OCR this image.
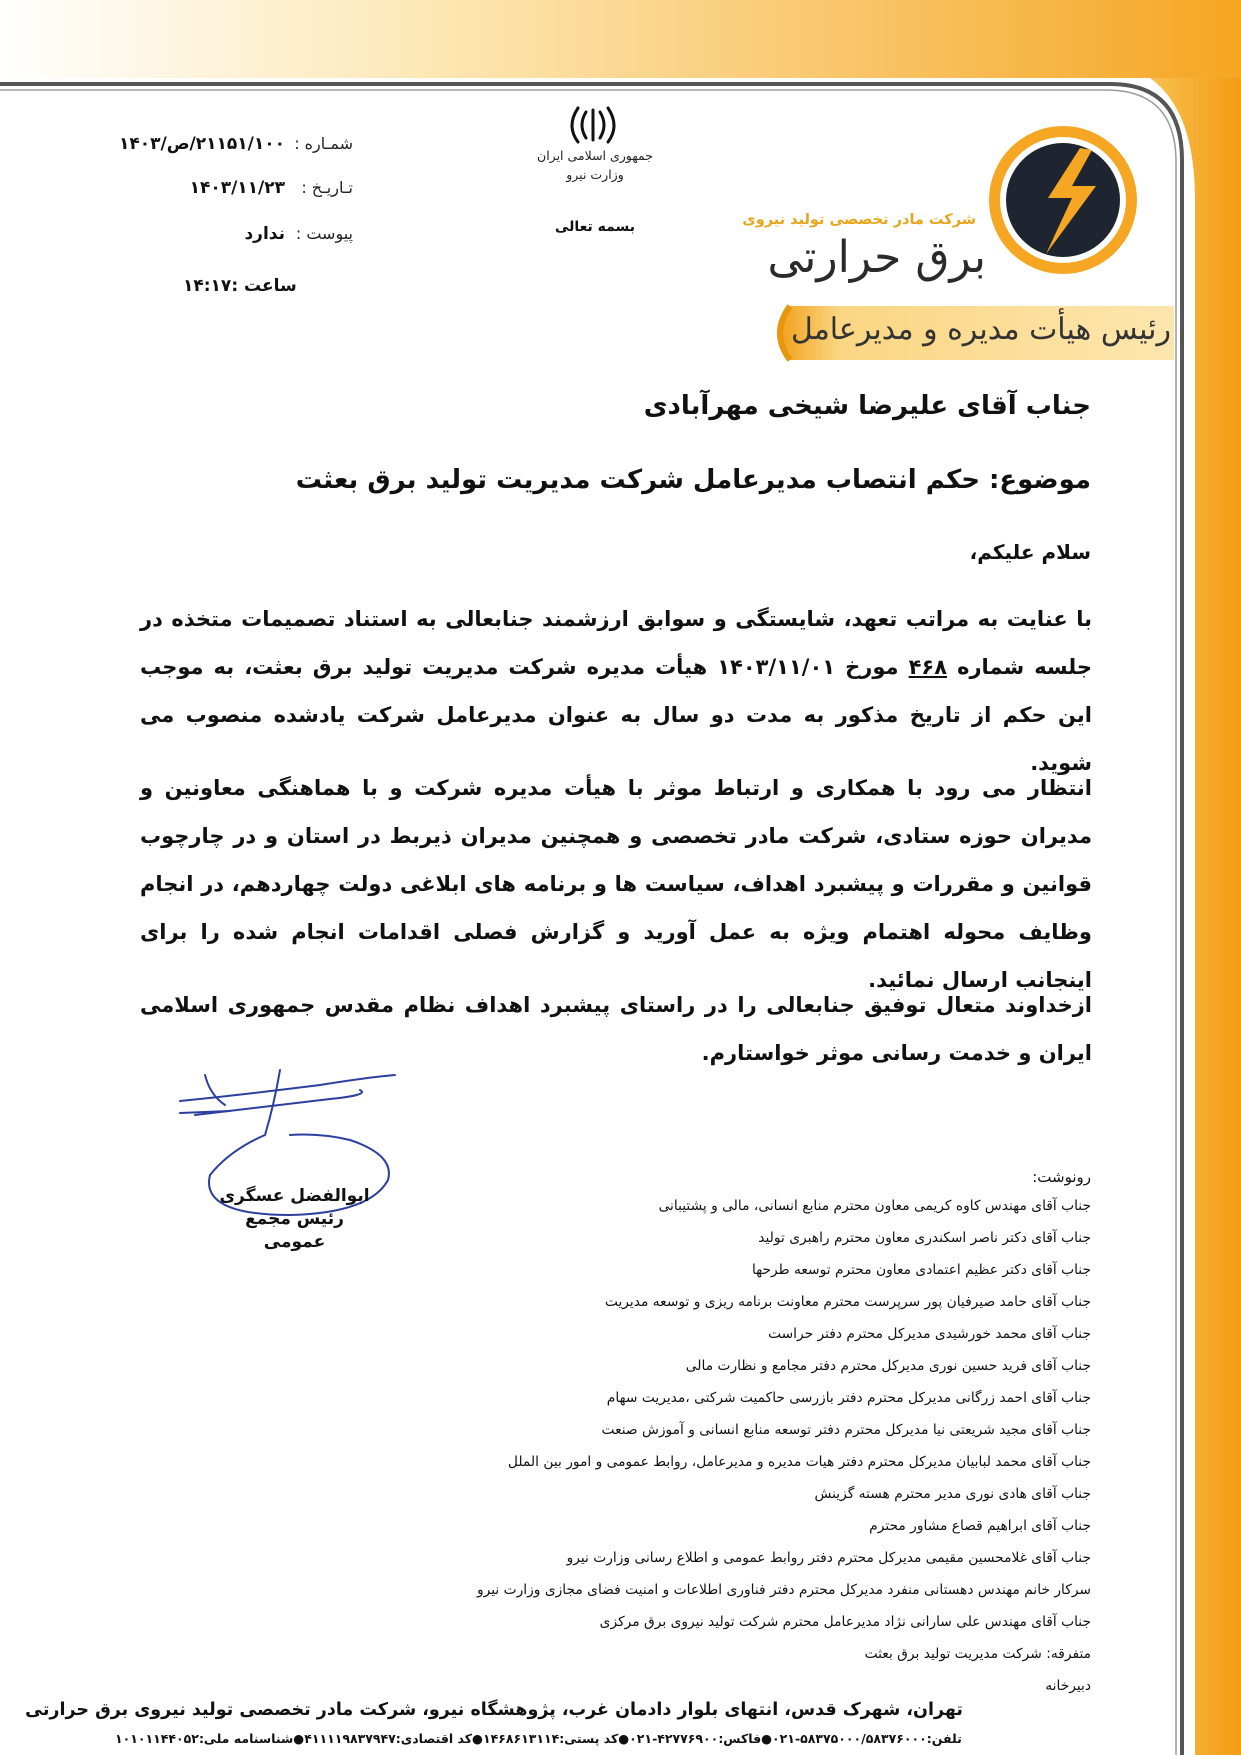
شمـاره :
۲۱۱۵۱/۱۰۰/ص/۱۴۰۳
تـاریـخ :
۱۴۰۳/۱۱/۲۳
پیوست :
ندارد
ساعت :۱۴:۱۷
جمهوری اسلامی ایران
وزارت نیرو
بسمه تعالی	شرکت مادر تخصصی تولید نیروی
برق حرارتی
رئیس هیأت مدیره و مدیرعامل
جناب آقای علیرضا شیخی مهرآبادی
موضوع: حکم انتصاب مدیرعامل شرکت مدیریت تولید برق بعثت
سلام علیکم،
با عنایت به مراتب تعهد، شایستگی و سوابق ارزشمند جنابعالی به استناد تصمیمات متخذه در جلسه شماره ۴۶۸ مورخ ۱۴۰۳/۱۱/۰۱ هیأت مدیره شرکت مدیریت تولید برق بعثت، به موجب این حکم از تاریخ مذکور به مدت دو سال به عنوان مدیرعامل شرکت یادشده منصوب می شوید.
انتظار می رود با همکاری و ارتباط موثر با هیأت مدیره شرکت و با هماهنگی معاونین و مدیران حوزه ستادی، شرکت مادر تخصصی و همچنین مدیران ذیربط در استان و در چارچوب قوانین و مقررات و پیشبرد اهداف، سیاست ها و برنامه های ابلاغی دولت چهاردهم، در انجام وظایف محوله اهتمام ویژه به عمل آورید و گزارش فصلی اقدامات انجام شده را برای اینجانب ارسال نمائید.
ازخداوند متعال توفیق جنابعالی را در راستای پیشبرد اهداف نظام مقدس جمهوری اسلامی ایران و خدمت رسانی موثر خواستارم.
ابوالفضل عسگری
رئیس مجمع عمومی
رونوشت:
جناب آقای مهندس کاوه کریمی معاون محترم منابع انسانی، مالی و پشتیبانی
جناب آقای دکتر ناصر اسکندری معاون محترم راهبری تولید
جناب آقای دکتر عظیم اعتمادی معاون محترم توسعه طرحها
جناب آقای حامد صیرفیان پور سرپرست محترم معاونت برنامه ریزی و توسعه مدیریت
جناب آقای محمد خورشیدی مدیرکل محترم دفتر حراست
جناب آقای فرید حسین نوری مدیرکل محترم دفتر مجامع و نظارت مالی
جناب آقای احمد زرگانی مدیرکل محترم دفتر بازرسی حاکمیت شرکتی ،مدیریت سهام
جناب آقای مجید شریعتی نیا مدیرکل محترم دفتر توسعه منابع انسانی و آموزش صنعت
جناب آقای محمد لبابیان مدیرکل محترم دفتر هیات مدیره و مدیرعامل، روابط عمومی و امور بین الملل
جناب آقای هادی نوری مدیر محترم هسته گزینش
جناب آقای ابراهیم قصاع مشاور محترم
جناب آقای غلامحسین مقیمی مدیرکل محترم دفتر روابط عمومی و اطلاع رسانی وزارت نیرو
سرکار خانم مهندس دهستانی منفرد مدیرکل محترم دفتر فناوری اطلاعات و امنیت فضای مجازی وزارت نیرو
جناب آقای مهندس علی سارانی نژاد مدیرعامل محترم شرکت تولید نیروی برق مرکزی
متفرقه: شرکت مدیریت تولید برق بعثت
دبیرخانه
تهران، شهرک قدس، انتهای بلوار دادمان غرب، پژوهشگاه نیرو، شرکت مادر تخصصی تولید نیروی برق حرارتی
تلفن:۵۸۳۷۵۰۰۰/۵۸۳۷۶۰۰۰-۰۲۱●فاکس:۴۲۷۷۶۹۰۰-۰۲۱●کد پستی:۱۴۶۸۶۱۳۱۱۴●کد اقتصادی:۴۱۱۱۱۹۸۳۷۹۴۷●شناسنامه ملی:۱۰۱۰۱۱۴۴۰۵۲
